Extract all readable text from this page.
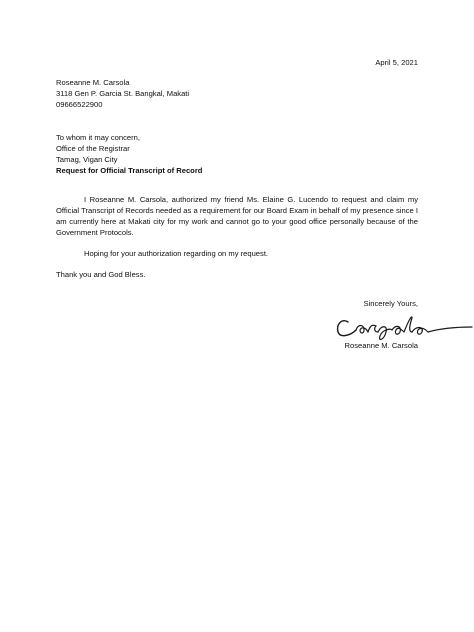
April 5, 2021
Roseanne M. Carsola
3118 Gen P. Garcia St. Bangkal, Makati
09666522900
To whom it may concern,
Office of the Registrar
Tamag, Vigan City
Request for Official Transcript of Record

I Roseanne M. Carsola, authorized my friend Ms. Elaine G. Lucendo to request and claim my Official Transcript of Records needed as a requirement for our Board Exam in behalf of my presence since I am currently here at Makati city for my work and cannot go to your good office personally because of the Government Protocols.

Hoping for your authorization regarding on my request.

Thank you and God Bless.
Sincerely Yours,
Roseanne M. Carsola
